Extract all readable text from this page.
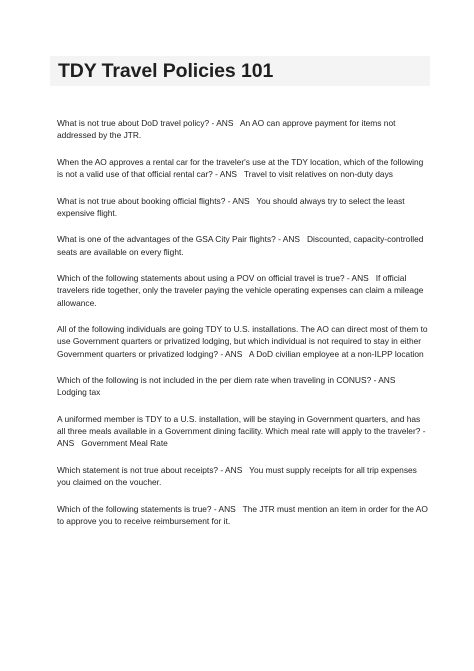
TDY Travel Policies 101
What is not true about DoD travel policy? - ANS An AO can approve payment for items not addressed by the JTR.
When the AO approves a rental car for the traveler's use at the TDY location, which of the following is not a valid use of that official rental car? - ANS Travel to visit relatives on non-duty days
What is not true about booking official flights? - ANS You should always try to select the least expensive flight.
What is one of the advantages of the GSA City Pair flights? - ANS Discounted, capacity-controlled seats are available on every flight.
Which of the following statements about using a POV on official travel is true? - ANS If official travelers ride together, only the traveler paying the vehicle operating expenses can claim a mileage allowance.
All of the following individuals are going TDY to U.S. installations. The AO can direct most of them to use Government quarters or privatized lodging, but which individual is not required to stay in either Government quarters or privatized lodging? - ANS A DoD civilian employee at a non-ILPP location
Which of the following is not included in the per diem rate when traveling in CONUS? - ANS   Lodging tax
A uniformed member is TDY to a U.S. installation, will be staying in Government quarters, and has all three meals available in a Government dining facility. Which meal rate will apply to the traveler? - ANS Government Meal Rate
Which statement is not true about receipts? - ANS You must supply receipts for all trip expenses you claimed on the voucher.
Which of the following statements is true? - ANS The JTR must mention an item in order for the AO to approve you to receive reimbursement for it.
